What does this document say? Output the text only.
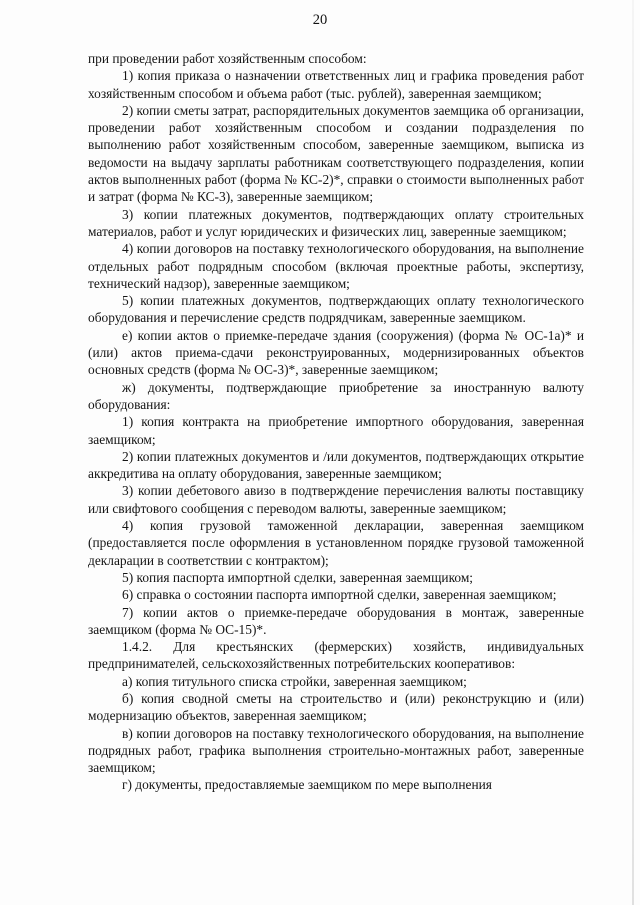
20

при проведении работ хозяйственным способом:

1) копия приказа о назначении ответственных лиц и графика проведения работ хозяйственным способом и объема работ (тыс. рублей), заверенная заемщиком;

2) копии сметы затрат, распорядительных документов заемщика об организации, проведении работ хозяйственным способом и создании подразделения по выполнению работ хозяйственным способом, заверенные заемщиком, выписка из ведомости на выдачу зарплаты работникам соответствующего подразделения, копии актов выполненных работ (форма № КС-2)*, справки о стоимости выполненных работ и затрат (форма № КС-3), заверенные заемщиком;

3) копии платежных документов, подтверждающих оплату строительных материалов, работ и услуг юридических и физических лиц, заверенные заемщиком;

4) копии договоров на поставку технологического оборудования, на выполнение отдельных работ подрядным способом (включая проектные работы, экспертизу, технический надзор), заверенные заемщиком;

5) копии платежных документов, подтверждающих оплату технологического оборудования и перечисление средств подрядчикам, заверенные заемщиком.

е) копии актов о приемке-передаче здания (сооружения) (форма № ОС-1а)* и (или) актов приема-сдачи реконструированных, модернизированных объектов основных средств (форма № ОС-3)*, заверенные заемщиком;

ж) документы, подтверждающие приобретение за иностранную валюту оборудования:

1) копия контракта на приобретение импортного оборудования, заверенная заемщиком;

2) копии платежных документов и /или документов, подтверждающих открытие аккредитива на оплату оборудования, заверенные заемщиком;

3) копии дебетового авизо в подтверждение перечисления валюты поставщику или свифтового сообщения с переводом валюты, заверенные заемщиком;

4) копия грузовой таможенной декларации, заверенная заемщиком (предоставляется после оформления в установленном порядке грузовой таможенной декларации в соответствии с контрактом);

5) копия паспорта импортной сделки, заверенная заемщиком;

6) справка о состоянии паспорта импортной сделки, заверенная заемщиком;

7) копии актов о приемке-передаче оборудования в монтаж, заверенные заемщиком (форма № ОС-15)*.

1.4.2. Для крестьянских (фермерских) хозяйств, индивидуальных предпринимателей, сельскохозяйственных потребительских кооперативов:

а) копия титульного списка стройки, заверенная заемщиком;

б) копия сводной сметы на строительство и (или) реконструкцию и (или) модернизацию объектов, заверенная заемщиком;

в) копии договоров на поставку технологического оборудования, на выполнение подрядных работ, графика выполнения строительно-монтажных работ, заверенные заемщиком;

г) документы, предоставляемые заемщиком по мере выполнения
